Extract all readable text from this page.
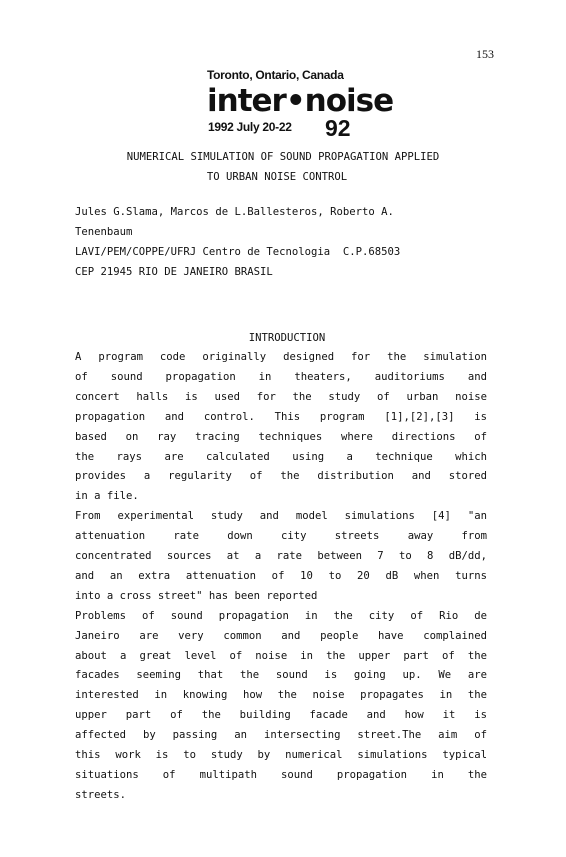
153
Toronto, Ontario, Canada
inter•noise
1992 July 20-22 92
NUMERICAL SIMULATION OF SOUND PROPAGATION APPLIED
TO URBAN NOISE CONTROL
Jules G.Slama, Marcos de L.Ballesteros, Roberto A.
Tenenbaum
LAVI/PEM/COPPE/UFRJ Centro de Tecnologia  C.P.68503
CEP 21945 RIO DE JANEIRO BRASIL
INTRODUCTION
A program code originally designed for the simulation
of sound propagation in theaters, auditoriums and
concert halls is used for the study of urban noise
propagation and control. This program [1],[2],[3] is
based on ray tracing techniques where directions of
the rays are calculated using a technique which
provides a regularity of the distribution and stored
in a file.
From experimental study and model simulations [4] "an
attenuation rate down city streets away from
concentrated sources at a rate between 7 to 8 dB/dd,
and an extra attenuation of 10 to 20 dB when turns
into a cross street" has been reported
Problems of sound propagation in the city of Rio de
Janeiro are very common and people have complained
about a great level of noise in the upper part of the
facades seeming that the sound is going up. We are
interested in knowing how the noise propagates in the
upper part of the building facade and how it is
affected by passing an intersecting street.The aim of
this work is to study by numerical simulations typical
situations of multipath sound propagation in the
streets.
